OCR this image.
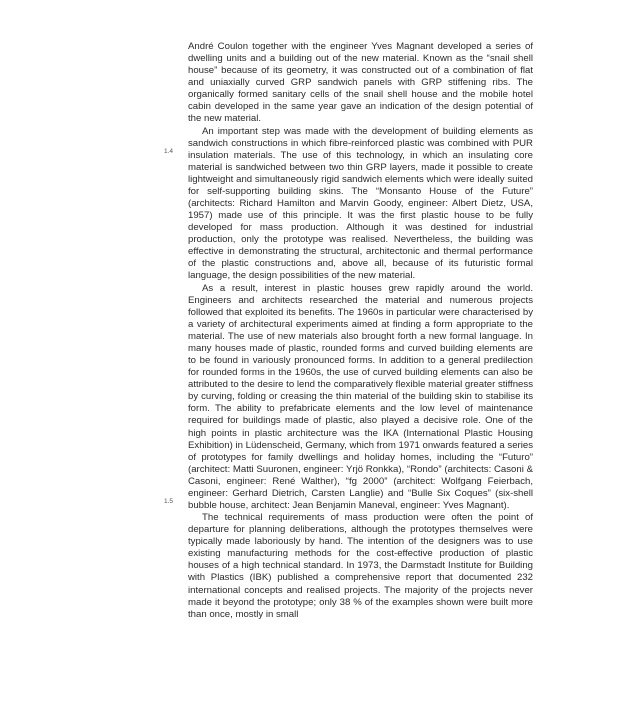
1.4
1.5

André Coulon together with the engineer Yves Magnant developed a series of dwelling units and a building out of the new material. Known as the “snail shell house” because of its geometry, it was constructed out of a combination of flat and uniaxially curved GRP sandwich panels with GRP stiffening ribs. The organically formed sanitary cells of the snail shell house and the mobile hotel cabin developed in the same year gave an indication of the design potential of the new material.

An important step was made with the development of building elements as sandwich constructions in which fibre-reinforced plastic was combined with PUR insulation materials. The use of this technology, in which an insulating core material is sandwiched between two thin GRP layers, made it possible to create lightweight and simultaneously rigid sandwich elements which were ideally suited for self-supporting building skins. The “Monsanto House of the Future” (architects: Richard Hamilton and Marvin Goody, engineer: Albert Dietz, USA, 1957) made use of this principle. It was the first plastic house to be fully developed for mass production. Although it was destined for industrial production, only the prototype was realised. Nevertheless, the building was effective in demonstrating the structural, architectonic and thermal performance of the plastic constructions and, above all, because of its futuristic formal language, the design possibilities of the new material.

As a result, interest in plastic houses grew rapidly around the world. Engineers and architects researched the material and numerous projects followed that exploited its benefits. The 1960s in particular were characterised by a variety of architectural experiments aimed at finding a form appropriate to the material. The use of new materials also brought forth a new formal language. In many houses made of plastic, rounded forms and curved building elements are to be found in variously pronounced forms. In addition to a general predilection for rounded forms in the 1960s, the use of curved building elements can also be attributed to the desire to lend the comparatively flexible material greater stiffness by curving, folding or creasing the thin material of the building skin to stabilise its form. The ability to prefabricate elements and the low level of maintenance required for buildings made of plastic, also played a decisive role. One of the high points in plastic architecture was the IKA (International Plastic Housing Exhibition) in Lüdenscheid, Germany, which from 1971 onwards featured a series of prototypes for family dwellings and holiday homes, including the “Futuro” (architect: Matti Suuronen, engineer: Yrjö Ronkka), “Rondo” (architects: Casoni & Casoni, engineer: René Walther), “fg 2000” (architect: Wolfgang Feierbach, engineer: Gerhard Dietrich, Carsten Langlie) and “Bulle Six Coques” (six-shell bubble house, architect: Jean Benjamin Maneval, engineer: Yves Magnant).

The technical requirements of mass production were often the point of departure for planning deliberations, although the prototypes themselves were typically made laboriously by hand. The intention of the designers was to use existing manufacturing methods for the cost-effective production of plastic houses of a high technical standard. In 1973, the Darmstadt Institute for Building with Plastics (IBK) published a comprehensive report that documented 232 international concepts and realised projects. The majority of the projects never made it beyond the prototype; only 38 % of the examples shown were built more than once, mostly in small
